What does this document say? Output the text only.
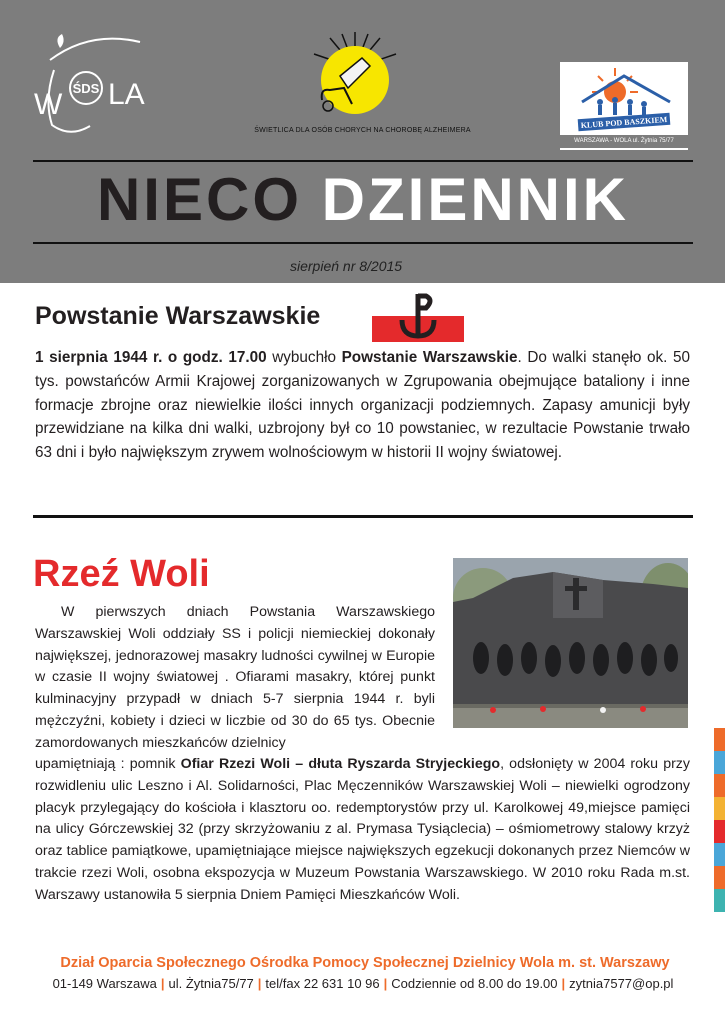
ŚDS LA
W
ŚWIETLICA DLA OSÓB CHORYCH NA CHOROBĘ ALZHEIMERA
KLUB POD BASZKIEM
WARSZAWA - WOLA ul. Żytnia 75/77
NIECO DZIENNIK
sierpień nr 8/2015
Powstanie Warszawskie
1 sierpnia 1944 r. o godz. 17.00 wybuchło Powstanie Warszawskie. Do walki stanęło ok. 50 tys. powstańców Armii Krajowej zorganizowanych w Zgrupowania obejmujące bataliony i inne formacje zbrojne oraz niewielkie ilości innych organizacji podziemnych. Zapasy amunicji były przewidziane na kilka dni walki, uzbrojony był co 10 powstaniec, w rezultacie Powstanie trwało 63 dni i było największym zrywem wolnościowym w historii II wojny światowej.
Rzeź Woli
W pierwszych dniach Powstania Warszawskiego Warszawskiej Woli oddziały SS i policji niemieckiej dokonały największej, jednorazowej masakry ludności cywilnej w Europie w czasie II wojny światowej . Ofiarami masakry, której punkt kulminacyjny przypadł w dniach 5-7 sierpnia 1944 r. byli mężczyźni, kobiety i dzieci w liczbie od 30 do 65 tys. Obecnie zamordowanych mieszkańców dzielnicy
upamiętniają : pomnik Ofiar Rzezi Woli – dłuta Ryszarda Stryjeckiego, odsłonięty w 2004 roku przy rozwidleniu ulic Leszno i Al. Solidarności, Plac Męczenników Warszawskiej Woli – niewielki ogrodzony placyk przylegający do kościoła i klasztoru oo. redemptorystów przy ul. Karolkowej 49,miejsce pamięci na ulicy Górczewskiej 32 (przy skrzyżowaniu z al. Prymasa Tysiąclecia) – ośmiometrowy stalowy krzyż oraz tablice pamiątkowe, upamiętniające miejsce największych egzekucji dokonanych przez Niemców w trakcie rzezi Woli, osobna ekspozycja w Muzeum Powstania Warszawskiego. W 2010 roku Rada m.st. Warszawy ustanowiła 5 sierpnia Dniem Pamięci Mieszkańców Woli.
Dział Oparcia Społecznego Ośrodka Pomocy Społecznej Dzielnicy Wola m. st. Warszawy
01-149 Warszawa | ul. Żytnia75/77 | tel/fax 22 631 10 96 | Codziennie od 8.00 do 19.00 | zytnia7577@op.pl
